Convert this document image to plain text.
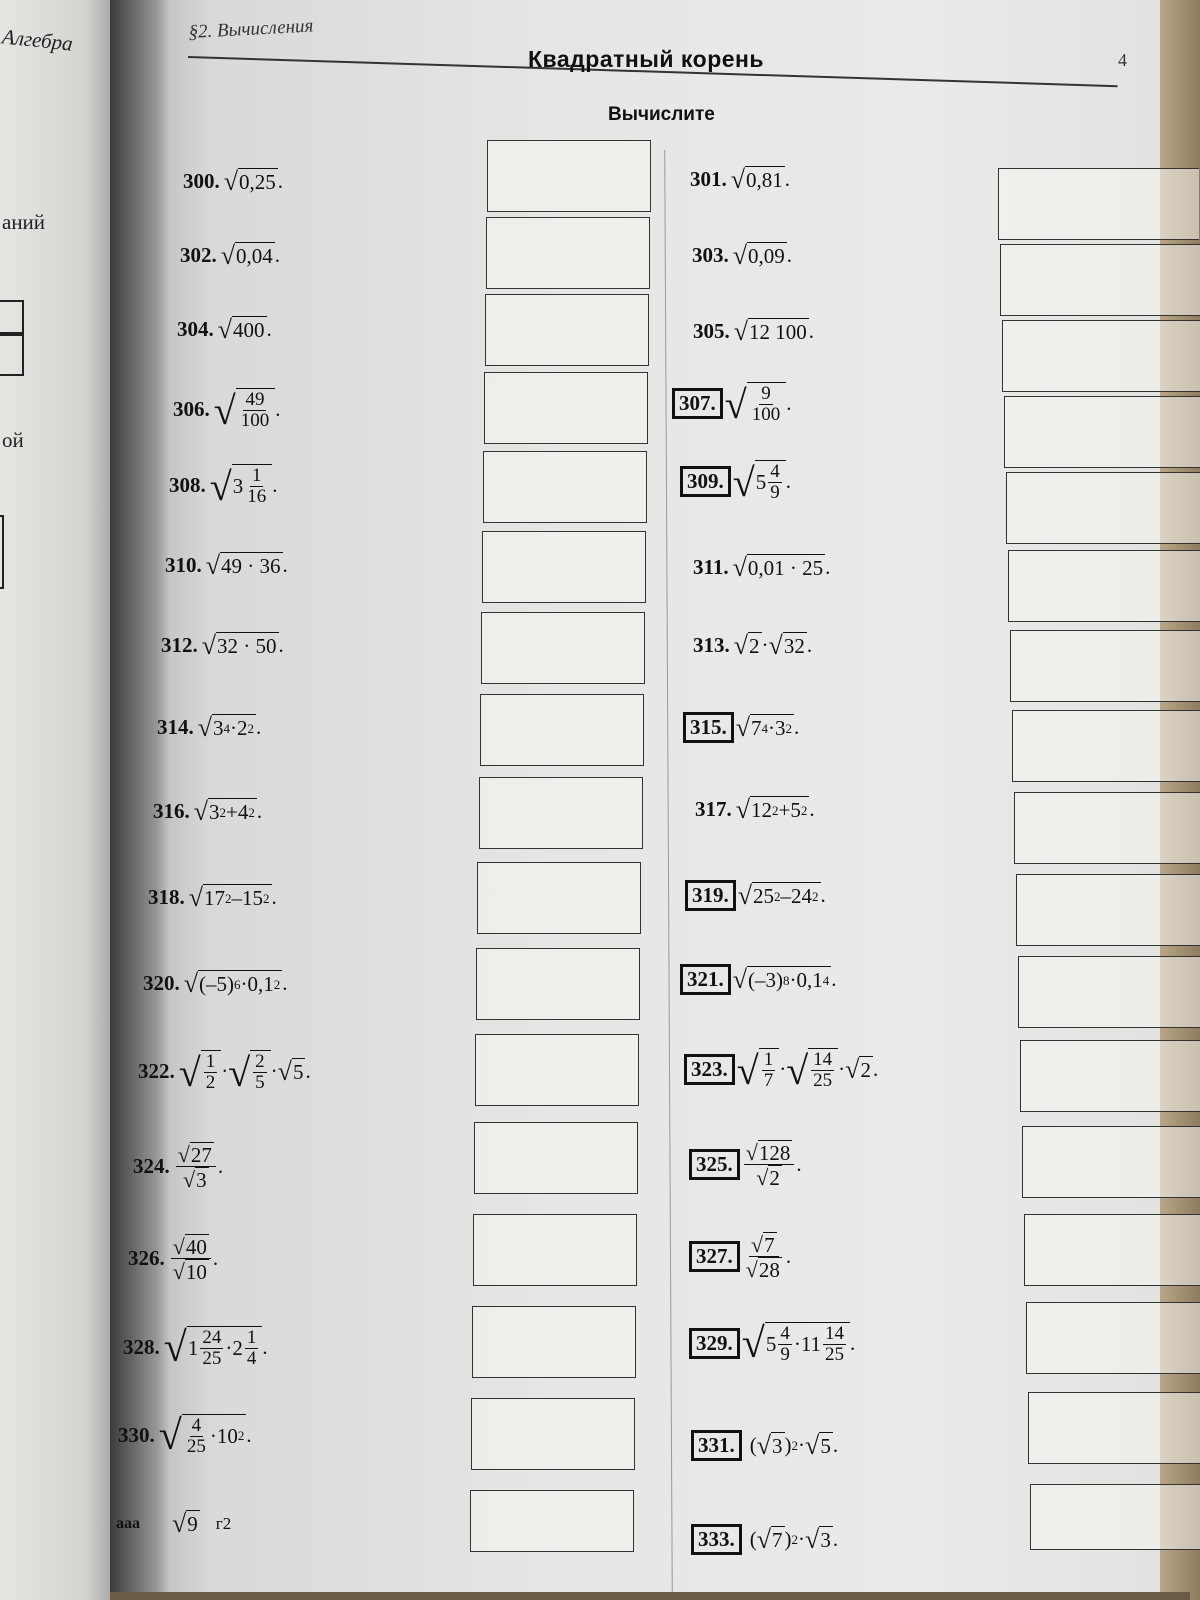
Алгебра
аний
ой
§2. Вычисления
4
Квадратный корень
Вычислите
300. √ 0,25 .
302. √ 0,04 .
304. √ 400 .
306. √ $\frac{49}{100}$ .
308. √ $3 \frac{1}{16}$ .
310. √ 49 · 36 .
312. √ 32 · 50 .
314. √ 3 4 · 2 2 .
316. √ 3 2 + 4 2 .
318. √ 17 2 – 15 2 .
320. √ (–5) 6 · 0,1 2 .
322. √ $\frac{1}{2}$ · √ $\frac{2}{5}$ · √ 5 .
324. $\frac{√ 27}{√ 3}$ .
326. $\frac{√ 40}{√ 10}$ .
328. √ $1 \frac{24}{25} \cdot 2 \frac{1}{4}$ .
330. √ $\frac{4}{25} \cdot 10$ 2 .
ааа √ 9 г2
301. √ 0,81 .
303. √ 0,09 .
305. √ 12 100 .
307. √ $\frac{9}{100}$ .
309. √ $5 \frac{4}{9}$ .
311. √ 0,01 · 25 .
313. √ 2 · √ 32 .
315. √ 7 4 · 3 2 .
317. √ 12 2 + 5 2 .
319. √ 25 2 – 24 2 .
321. √ (–3) 8 · 0,1 4 .
323. √ $\frac{1}{7}$ · √ $\frac{14}{25}$ · √ 2 .
325. $\frac{√ 128}{√ 2}$ .
327. $\frac{√ 7}{√ 28}$ .
329. √ $5 \frac{4}{9} \cdot 11 \frac{14}{25}$ .
331. ( √ 3 ) 2 · √ 5 .
333. ( √ 7 ) 2 · √ 3 .
